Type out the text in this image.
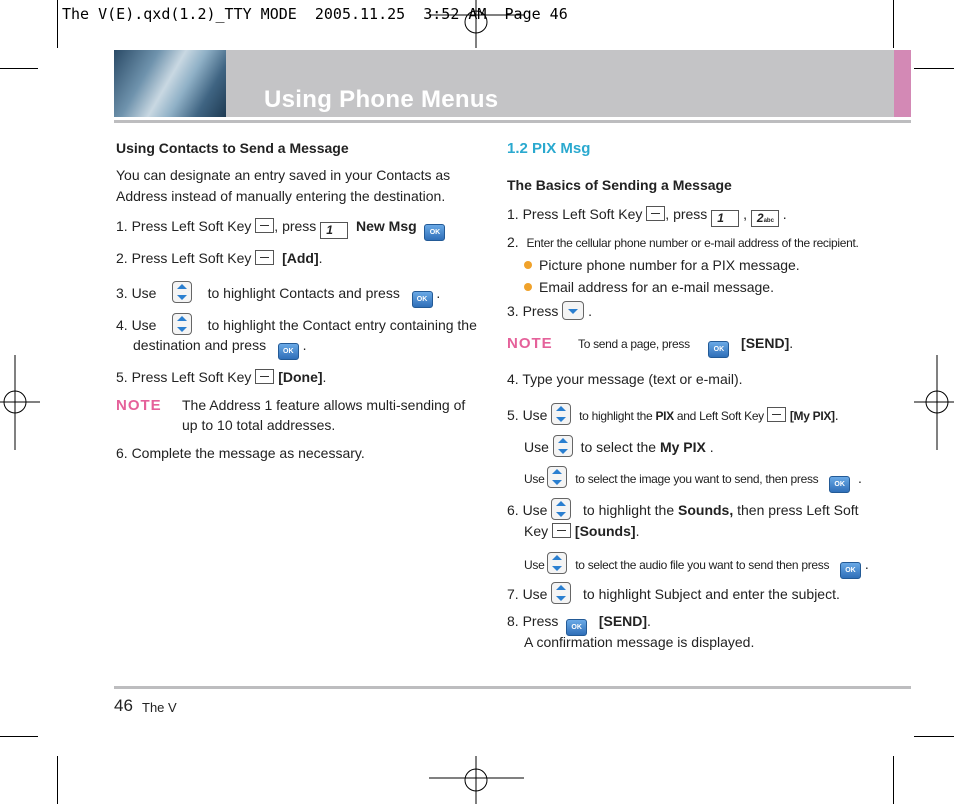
The V(E).qxd(1.2)_TTY MODE  2005.11.25  3:52 AM  Page 46
Using Phone Menus
Using Contacts to Send a Message
You can designate an entry saved in your Contacts as
Address instead of manually entering the destination.
1. Press Left Soft Key , press 1 New Msg OK
2. Press Left Soft Key   [Add].
3. Use	to highlight Contacts and press   OK .
4. Use	to highlight the Contact entry containing the
destination and press   OK .
5. Press Left Soft Key  [Done].
NOTE The Address 1 feature allows multi-sending of
up to 10 total addresses.
6. Complete the message as necessary.
1.2 PIX Msg
The Basics of Sending a Message
1. Press Left Soft Key , press 1 , 2abc .
2. Enter the cellular phone number or e-mail address of the recipient.
Picture phone number for a PIX message.
Email address for an e-mail message.
3. Press
.
NOTE To send a page, press	OK [SEND].
4. Type your message (text or e-mail).
5. Use
to highlight the PIX and Left Soft Key  [My PIX].
Use
to select the My PIX .
Use
to select the image you want to send, then press   OK  .
6. Use
to highlight the Sounds, then press Left Soft
Key  [Sounds].
Use
to select the audio file you want to send then press   OK .
7. Use
to highlight Subject and enter the subject.
8. Press  OK [SEND].
A confirmation message is displayed.
46 The V
